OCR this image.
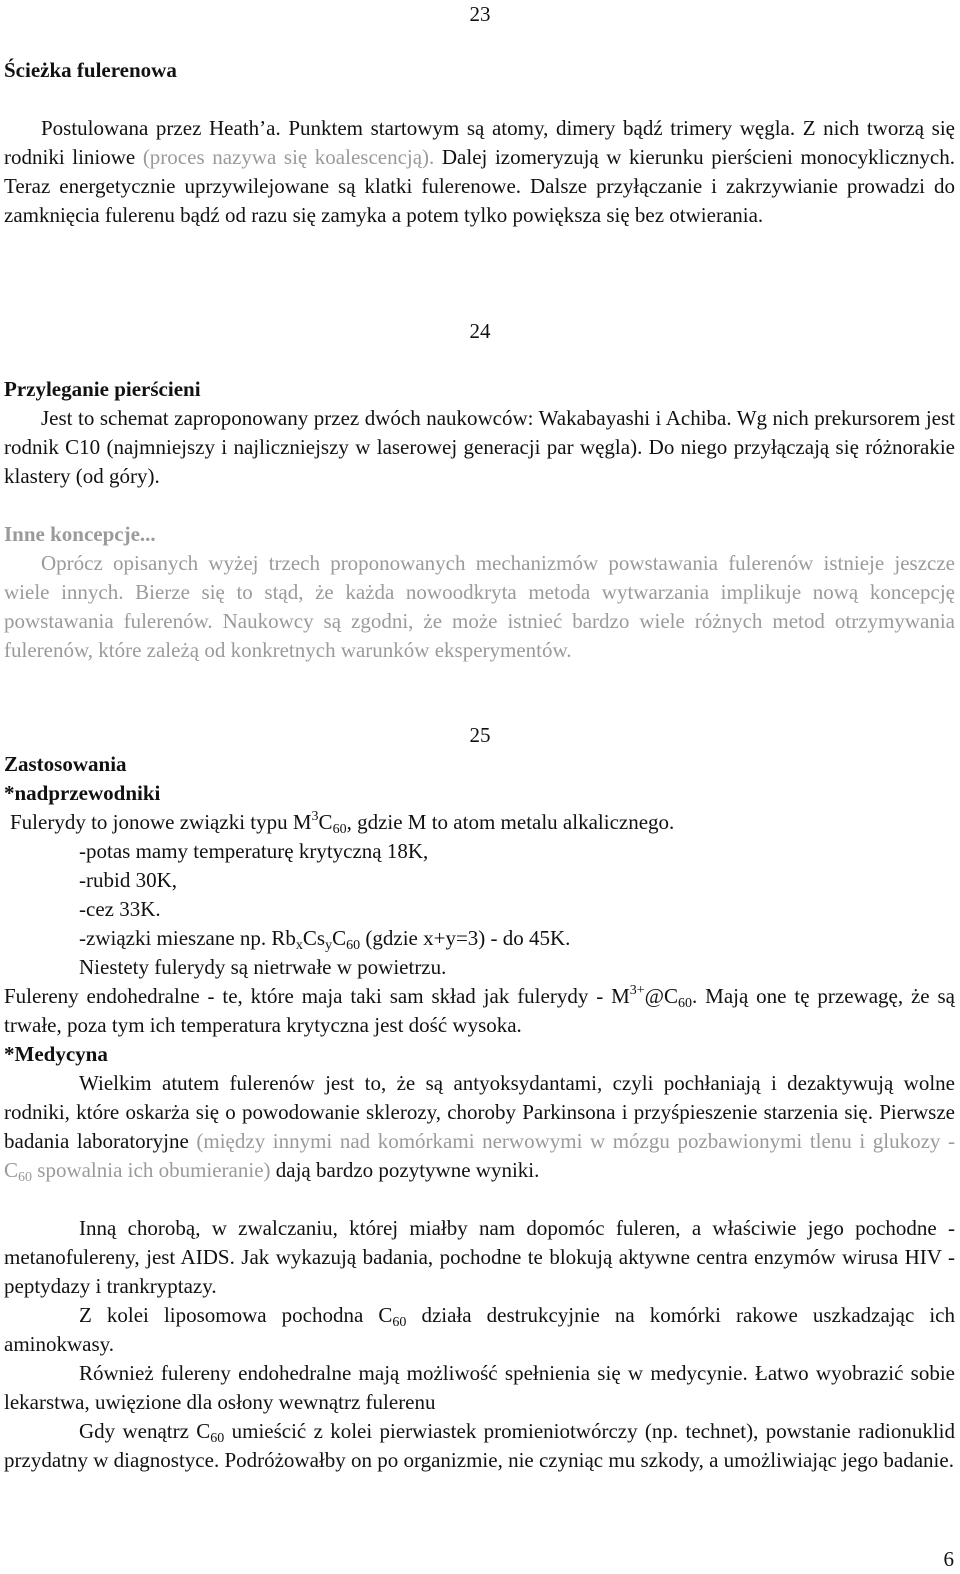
23
Ścieżka fulerenowa

Postulowana przez Heath’a. Punktem startowym są atomy, dimery bądź trimery węgla. Z nich tworzą się rodniki liniowe (proces nazywa się koalescencją). Dalej izomeryzują w kierunku pierścieni monocyklicznych. Teraz energetycznie uprzywilejowane są klatki fulerenowe. Dalsze przyłączanie i zakrzywianie prowadzi do zamknięcia fulerenu bądź od razu się zamyka a potem tylko powiększa się bez otwierania.

24
Przyleganie pierścieni

Jest to schemat zaproponowany przez dwóch naukowców: Wakabayashi i Achiba. Wg nich prekursorem jest rodnik C10 (najmniejszy i najliczniejszy w laserowej generacji par węgla). Do niego przyłączają się różnorakie klastery (od góry).

Inne koncepcje...

Oprócz opisanych wyżej trzech proponowanych mechanizmów powstawania fulerenów istnieje jeszcze wiele innych. Bierze się to stąd, że każda nowoodkryta metoda wytwarzania implikuje nową koncepcję powstawania fulerenów. Naukowcy są zgodni, że może istnieć bardzo wiele różnych metod otrzymywania fulerenów, które zależą od konkretnych warunków eksperymentów.

25
Zastosowania
*nadprzewodniki
Fulerydy to jonowe związki typu $M^3C_{60}$, gdzie M to atom metalu alkalicznego.
-potas mamy temperaturę krytyczną 18K,
-rubid 30K,
-cez 33K.
-związki mieszane np. $Rb_xCs_yC_{60}$ (gdzie x+y=3) - do 45K.
Niestety fulerydy są nietrwałe w powietrzu.

Fulereny endohedralne - te, które maja taki sam skład jak fulerydy - $M^{3+}@C_{60}$. Mają one tę przewagę, że są trwałe, poza tym ich temperatura krytyczna jest dość wysoka.

*Medycyna

Wielkim atutem fulerenów jest to, że są antyoksydantami, czyli pochłaniają i dezaktywują wolne rodniki, które oskarża się o powodowanie sklerozy, choroby Parkinsona i przyśpieszenie starzenia się. Pierwsze badania laboratoryjne (między innymi nad komórkami nerwowymi w mózgu pozbawionymi tlenu i glukozy - $C_{60}$ spowalnia ich obumieranie) dają bardzo pozytywne wyniki.

Inną chorobą, w zwalczaniu, której miałby nam dopomóc fuleren, a właściwie jego pochodne - metanofulereny, jest AIDS. Jak wykazują badania, pochodne te blokują aktywne centra enzymów wirusa HIV - peptydazy i trankryptazy.

Z kolei liposomowa pochodna $C_{60}$ działa destrukcyjnie na komórki rakowe uszkadzając ich aminokwasy.

Również fulereny endohedralne mają możliwość spełnienia się w medycynie. Łatwo wyobrazić sobie lekarstwa, uwięzione dla osłony wewnątrz fulerenu

Gdy wenątrz $C_{60}$ umieścić z kolei pierwiastek promieniotwórczy (np. technet), powstanie radionuklid przydatny w diagnostyce. Podróżowałby on po organizmie, nie czyniąc mu szkody, a umożliwiając jego badanie.

6
